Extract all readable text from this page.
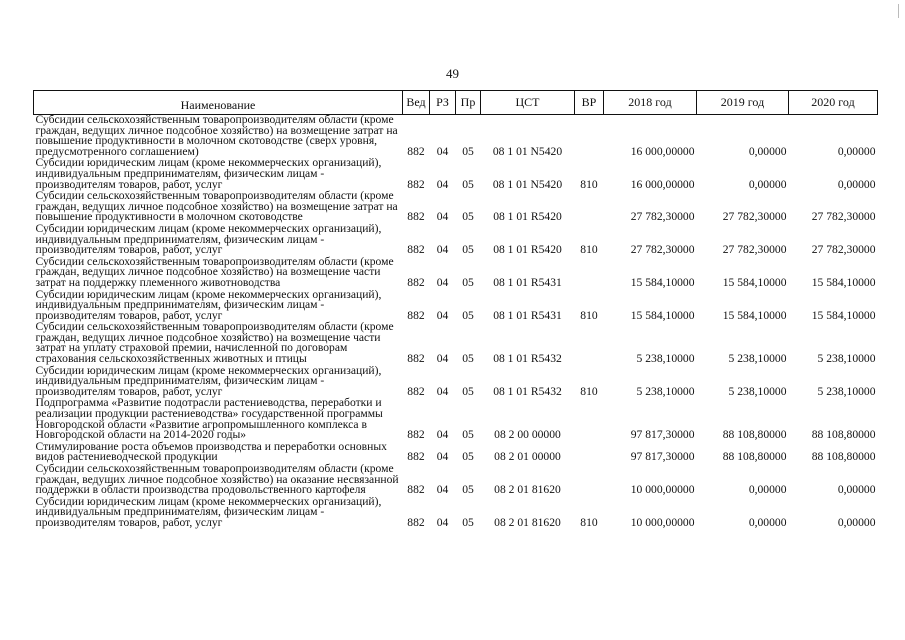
49
Наименование	Вед	РЗ	Пр	ЦСТ	ВР	2018 год	2019 год	2020 год
Субсидии сельскохозяйственным товаропроизводителям области (кроме граждан, ведущих личное подсобное хозяйство) на возмещение затрат на повышение продуктивности в молочном скотоводстве (сверх уровня, предусмотренного соглашением)	882	04	05	08 1 01 N5420		16 000,00000	0,00000	0,00000
Субсидии юридическим лицам (кроме некоммерческих организаций), индивидуальным предпринимателям, физическим лицам - производителям товаров, работ, услуг	882	04	05	08 1 01 N5420	810	16 000,00000	0,00000	0,00000
Субсидии сельскохозяйственным товаропроизводителям области (кроме граждан, ведущих личное подсобное хозяйство) на возмещение затрат на повышение продуктивности в молочном скотоводстве	882	04	05	08 1 01 R5420		27 782,30000	27 782,30000	27 782,30000
Субсидии юридическим лицам (кроме некоммерческих организаций), индивидуальным предпринимателям, физическим лицам - производителям товаров, работ, услуг	882	04	05	08 1 01 R5420	810	27 782,30000	27 782,30000	27 782,30000
Субсидии сельскохозяйственным товаропроизводителям области (кроме граждан, ведущих личное подсобное хозяйство) на возмещение части затрат на поддержку племенного животноводства	882	04	05	08 1 01 R5431		15 584,10000	15 584,10000	15 584,10000
Субсидии юридическим лицам (кроме некоммерческих организаций), индивидуальным предпринимателям, физическим лицам - производителям товаров, работ, услуг	882	04	05	08 1 01 R5431	810	15 584,10000	15 584,10000	15 584,10000
Субсидии сельскохозяйственным товаропроизводителям области (кроме граждан, ведущих личное подсобное хозяйство) на возмещение части затрат на уплату страховой премии, начисленной по договорам страхования сельскохозяйственных животных и птицы	882	04	05	08 1 01 R5432		5 238,10000	5 238,10000	5 238,10000
Субсидии юридическим лицам (кроме некоммерческих организаций), индивидуальным предпринимателям, физическим лицам - производителям товаров, работ, услуг	882	04	05	08 1 01 R5432	810	5 238,10000	5 238,10000	5 238,10000
Подпрограмма «Развитие подотрасли растениеводства, переработки и реализации продукции растениеводства» государственной программы Новгородской области «Развитие агропромышленного комплекса в Новгородской области на 2014-2020 годы»	882	04	05	08 2 00 00000		97 817,30000	88 108,80000	88 108,80000
Стимулирование роста объемов производства и переработки основных видов растениеводческой продукции	882	04	05	08 2 01 00000		97 817,30000	88 108,80000	88 108,80000
Субсидии сельскохозяйственным товаропроизводителям области (кроме граждан, ведущих личное подсобное хозяйство) на оказание несвязанной поддержки в области производства продовольственного картофеля	882	04	05	08 2 01 81620		10 000,00000	0,00000	0,00000
Субсидии юридическим лицам (кроме некоммерческих организаций), индивидуальным предпринимателям, физическим лицам - производителям товаров, работ, услуг	882	04	05	08 2 01 81620	810	10 000,00000	0,00000	0,00000
